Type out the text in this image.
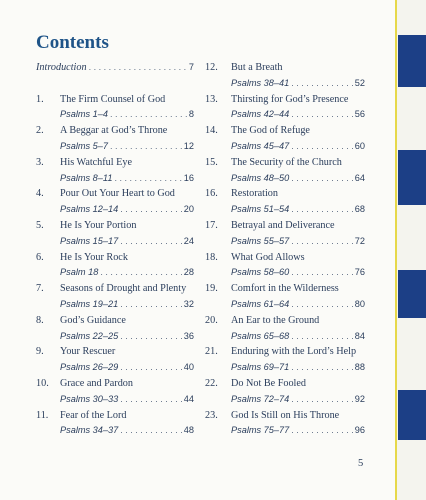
Contents
Introduction . . .	7
1.	The Firm Counsel of God
Psalms 1–4 . . .	8
2.	A Beggar at God’s Throne
Psalms 5–7 . . .	12
3.	His Watchful Eye
Psalms 8–11 . . .	16
4.	Pour Out Your Heart to God
Psalms 12–14 . . .	20
5.	He Is Your Portion
Psalms 15–17 . . .	24
6.	He Is Your Rock
Psalm 18 . . .	28
7.	Seasons of Drought and Plenty
Psalms 19–21 . . .	32
8.	God’s Guidance
Psalms 22–25 . . .	36
9.	Your Rescuer
Psalms 26–29 . . .	40
10.	Grace and Pardon
Psalms 30–33 . . .	44
11.	Fear of the Lord
Psalms 34–37 . . .	48
12.	But a Breath
Psalms 38–41 . . .	52
13.	Thirsting for God’s Presence
Psalms 42–44 . . .	56
14.	The God of Refuge
Psalms 45–47 . . .	60
15.	The Security of the Church
Psalms 48–50 . . .	64
16.	Restoration
Psalms 51–54 . . .	68
17.	Betrayal and Deliverance
Psalms 55–57 . . .	72
18.	What God Allows
Psalms 58–60 . . .	76
19.	Comfort in the Wilderness
Psalms 61–64 . . .	80
20.	An Ear to the Ground
Psalms 65–68 . . .	84
21.	Enduring with the Lord’s Help
Psalms 69–71 . . .	88
22.	Do Not Be Fooled
Psalms 72–74 . . .	92
23.	God Is Still on His Throne
Psalms 75–77 . . .	96
5
